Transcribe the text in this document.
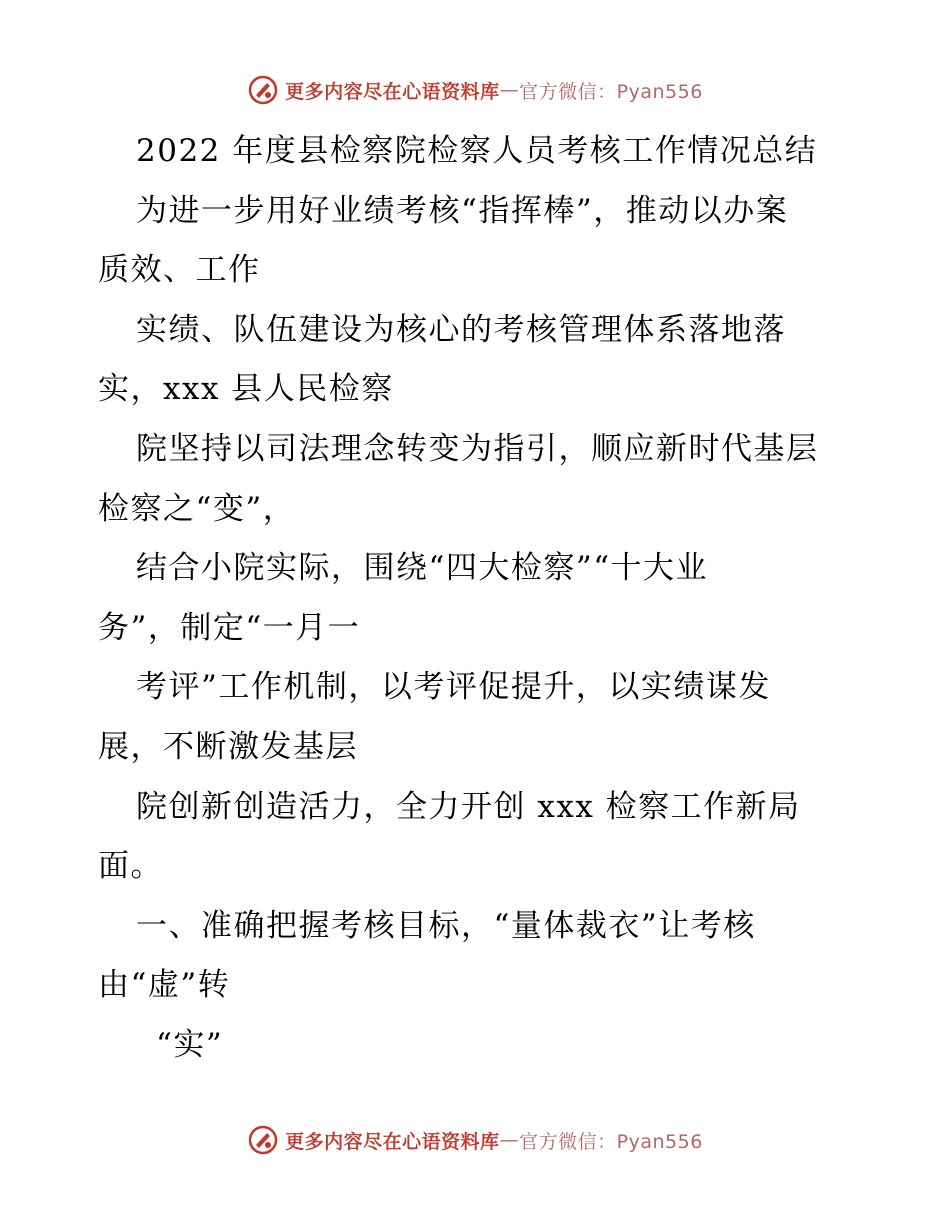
更多内容尽在心语资料库 — 官方微信：Pyan556
2022 年度县检察院检察人员考核工作情况总结
为进一步用好业绩考核“指挥棒”，推动以办案
质效、工作
实绩、队伍建设为核心的考核管理体系落地落
实，xxx 县人民检察
院坚持以司法理念转变为指引，顺应新时代基层
检察之“变”，
结合小院实际，围绕“四大检察”“十大业
务”，制定“一月一
考评”工作机制，以考评促提升，以实绩谋发
展，不断激发基层
院创新创造活力，全力开创 xxx 检察工作新局
面。
一、准确把握考核目标，“量体裁衣”让考核
由“虚”转
“实”
更多内容尽在心语资料库 — 官方微信：Pyan556
